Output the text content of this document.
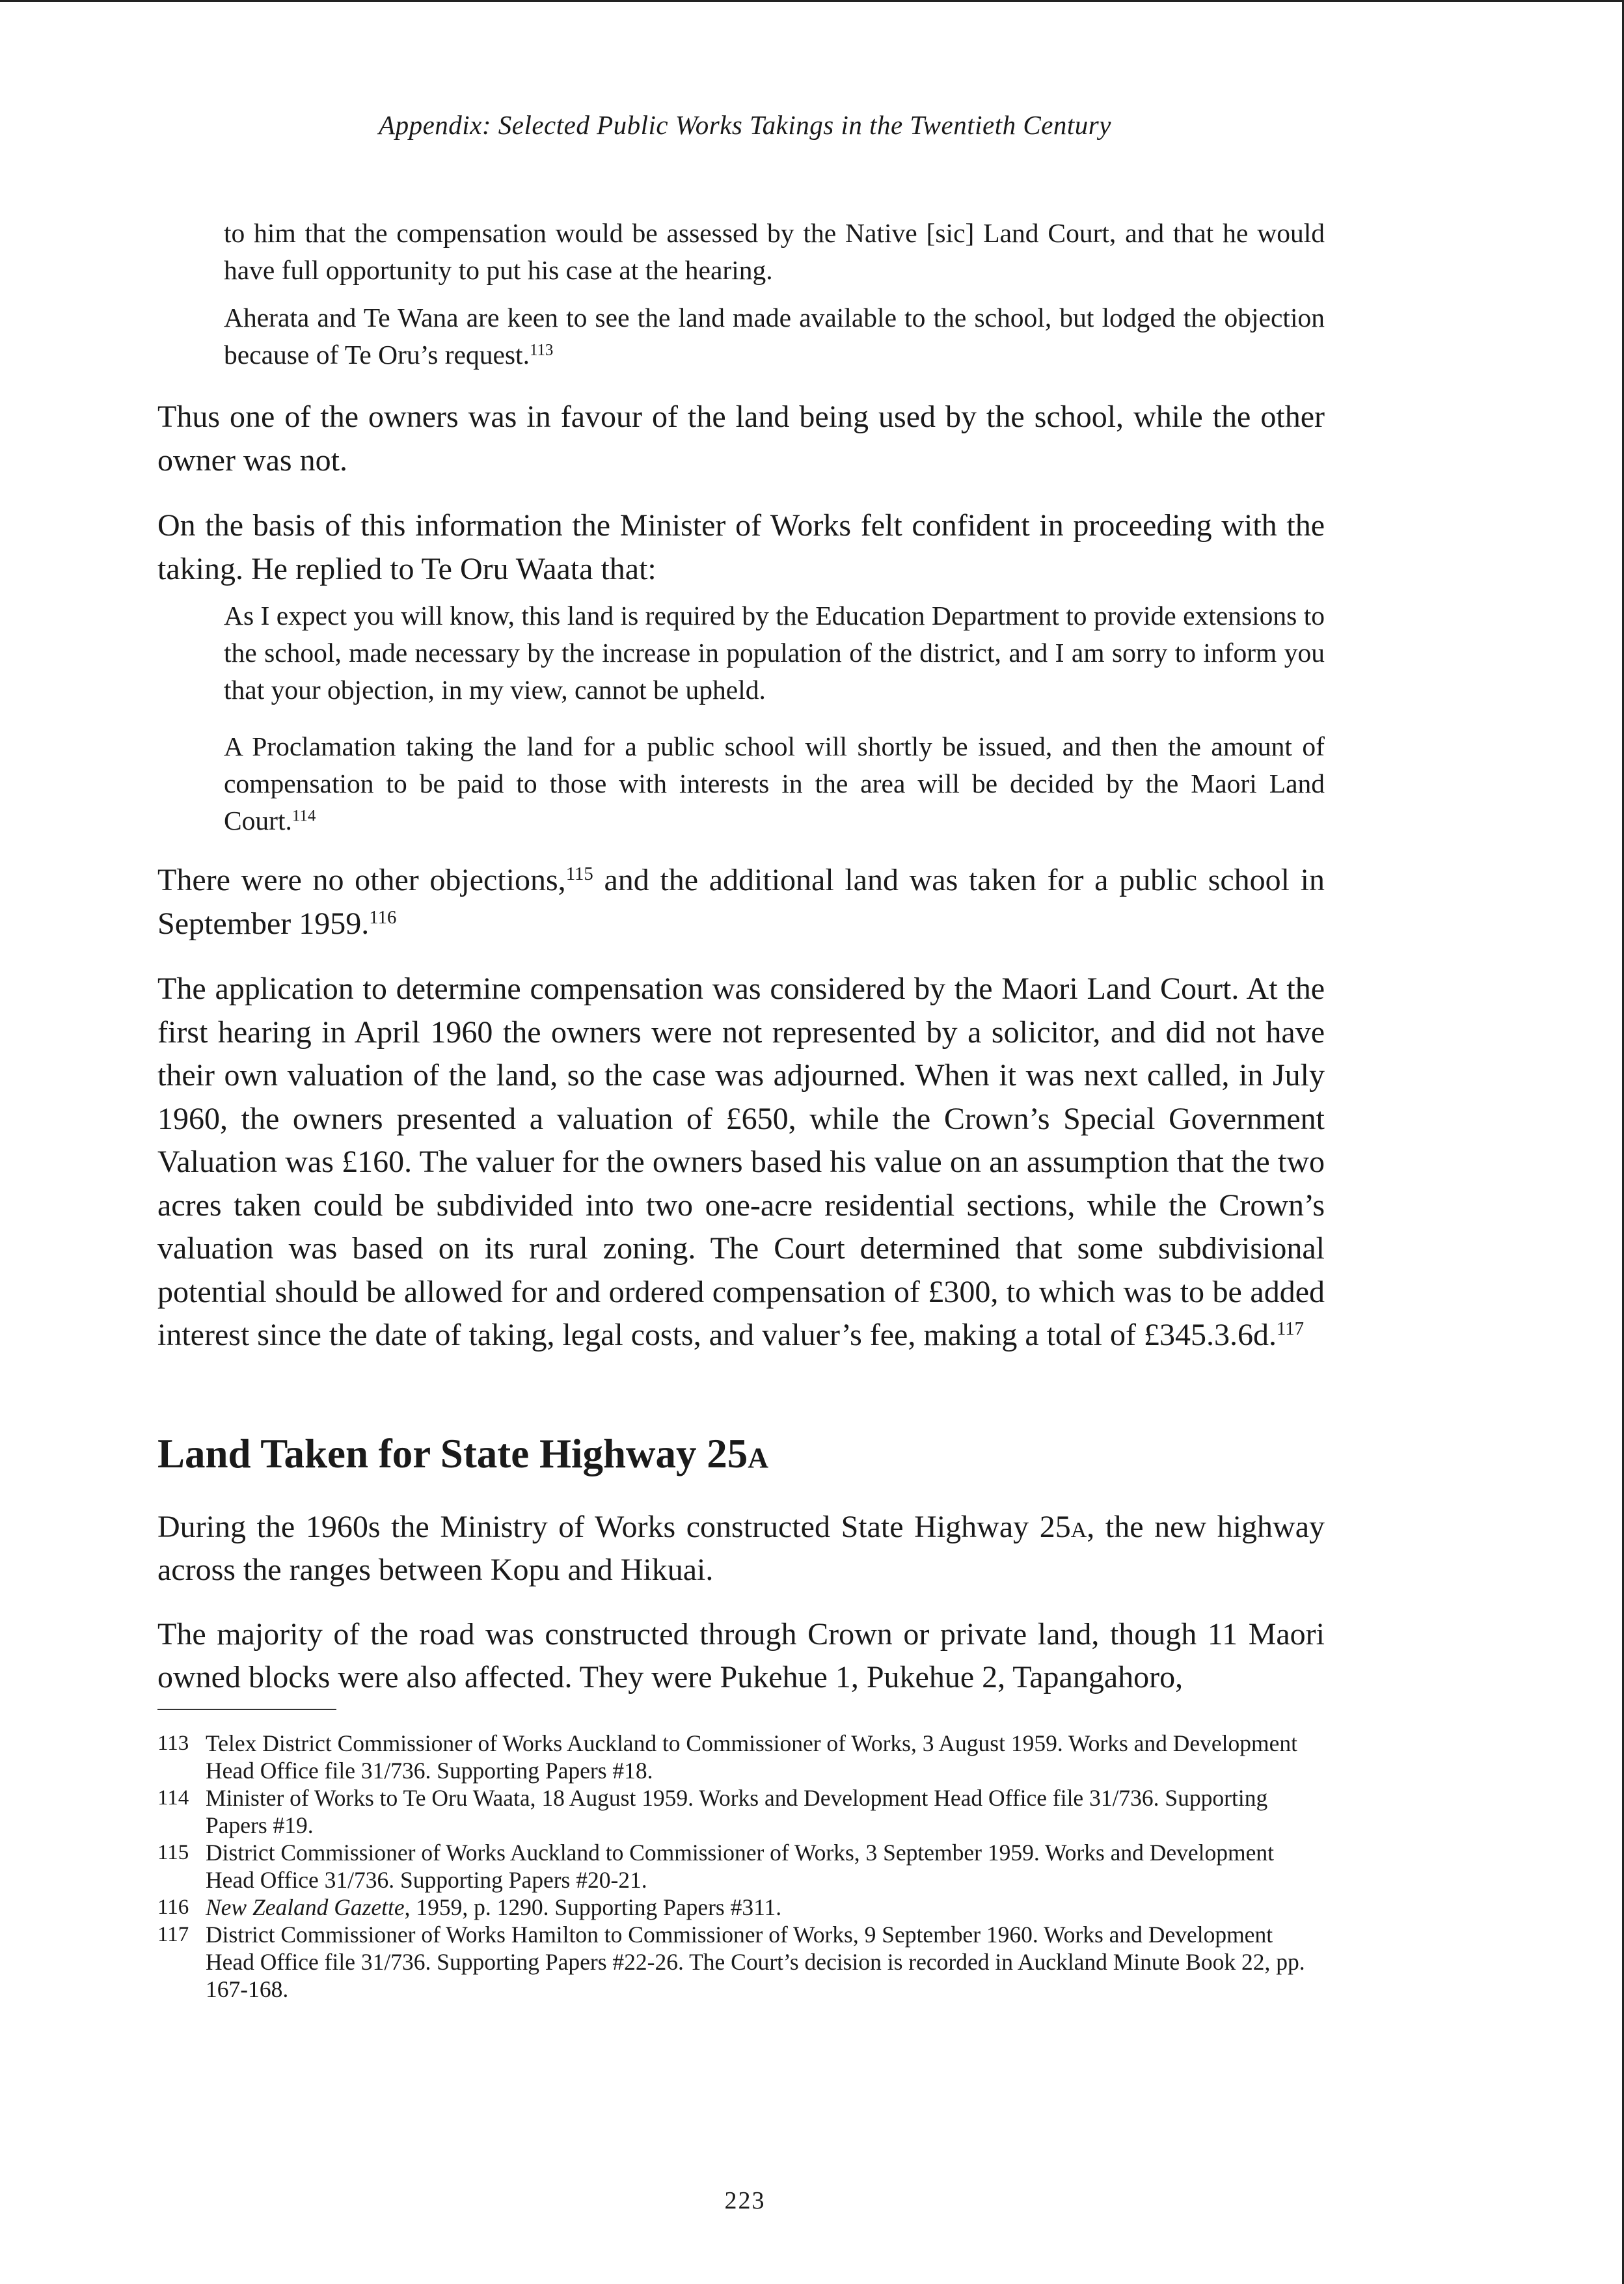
Appendix: Selected Public Works Takings in the Twentieth Century

to him that the compensation would be assessed by the Native [sic] Land Court, and that he would have full opportunity to put his case at the hearing.

Aherata and Te Wana are keen to see the land made available to the school, but lodged the objection because of Te Oru’s request.$^{113}$

Thus one of the owners was in favour of the land being used by the school, while the other owner was not.

On the basis of this information the Minister of Works felt confident in proceeding with the taking. He replied to Te Oru Waata that:

As I expect you will know, this land is required by the Education Department to provide extensions to the school, made necessary by the increase in population of the district, and I am sorry to inform you that your objection, in my view, cannot be upheld.

A Proclamation taking the land for a public school will shortly be issued, and then the amount of compensation to be paid to those with interests in the area will be decided by the Maori Land Court.$^{114}$

There were no other objections,$^{115}$ and the additional land was taken for a public school in September 1959.$^{116}$

The application to determine compensation was considered by the Maori Land Court. At the first hearing in April 1960 the owners were not represented by a solicitor, and did not have their own valuation of the land, so the case was adjourned. When it was next called, in July 1960, the owners presented a valuation of £650, while the Crown’s Special Government Valuation was £160. The valuer for the owners based his value on an assumption that the two acres taken could be subdivided into two one-acre residential sections, while the Crown’s valuation was based on its rural zoning. The Court determined that some subdivisional potential should be allowed for and ordered compensation of £300, to which was to be added interest since the date of taking, legal costs, and valuer’s fee, making a total of £345.3.6d.$^{117}$

Land Taken for State Highway 25a

During the 1960s the Ministry of Works constructed State Highway 25a, the new highway across the ranges between Kopu and Hikuai.

The majority of the road was constructed through Crown or private land, though 11 Maori owned blocks were also affected. They were Pukehue 1, Pukehue 2, Tapangahoro,

113 Telex District Commissioner of Works Auckland to Commissioner of Works, 3 August 1959. Works and Development Head Office file 31/736. Supporting Papers #18.
114 Minister of Works to Te Oru Waata, 18 August 1959. Works and Development Head Office file 31/736. Supporting Papers #19.
115 District Commissioner of Works Auckland to Commissioner of Works, 3 September 1959. Works and Development Head Office 31/736. Supporting Papers #20-21.
116 New Zealand Gazette, 1959, p. 1290. Supporting Papers #311.
117 District Commissioner of Works Hamilton to Commissioner of Works, 9 September 1960. Works and Development Head Office file 31/736. Supporting Papers #22-26. The Court’s decision is recorded in Auckland Minute Book 22, pp. 167-168.
223
